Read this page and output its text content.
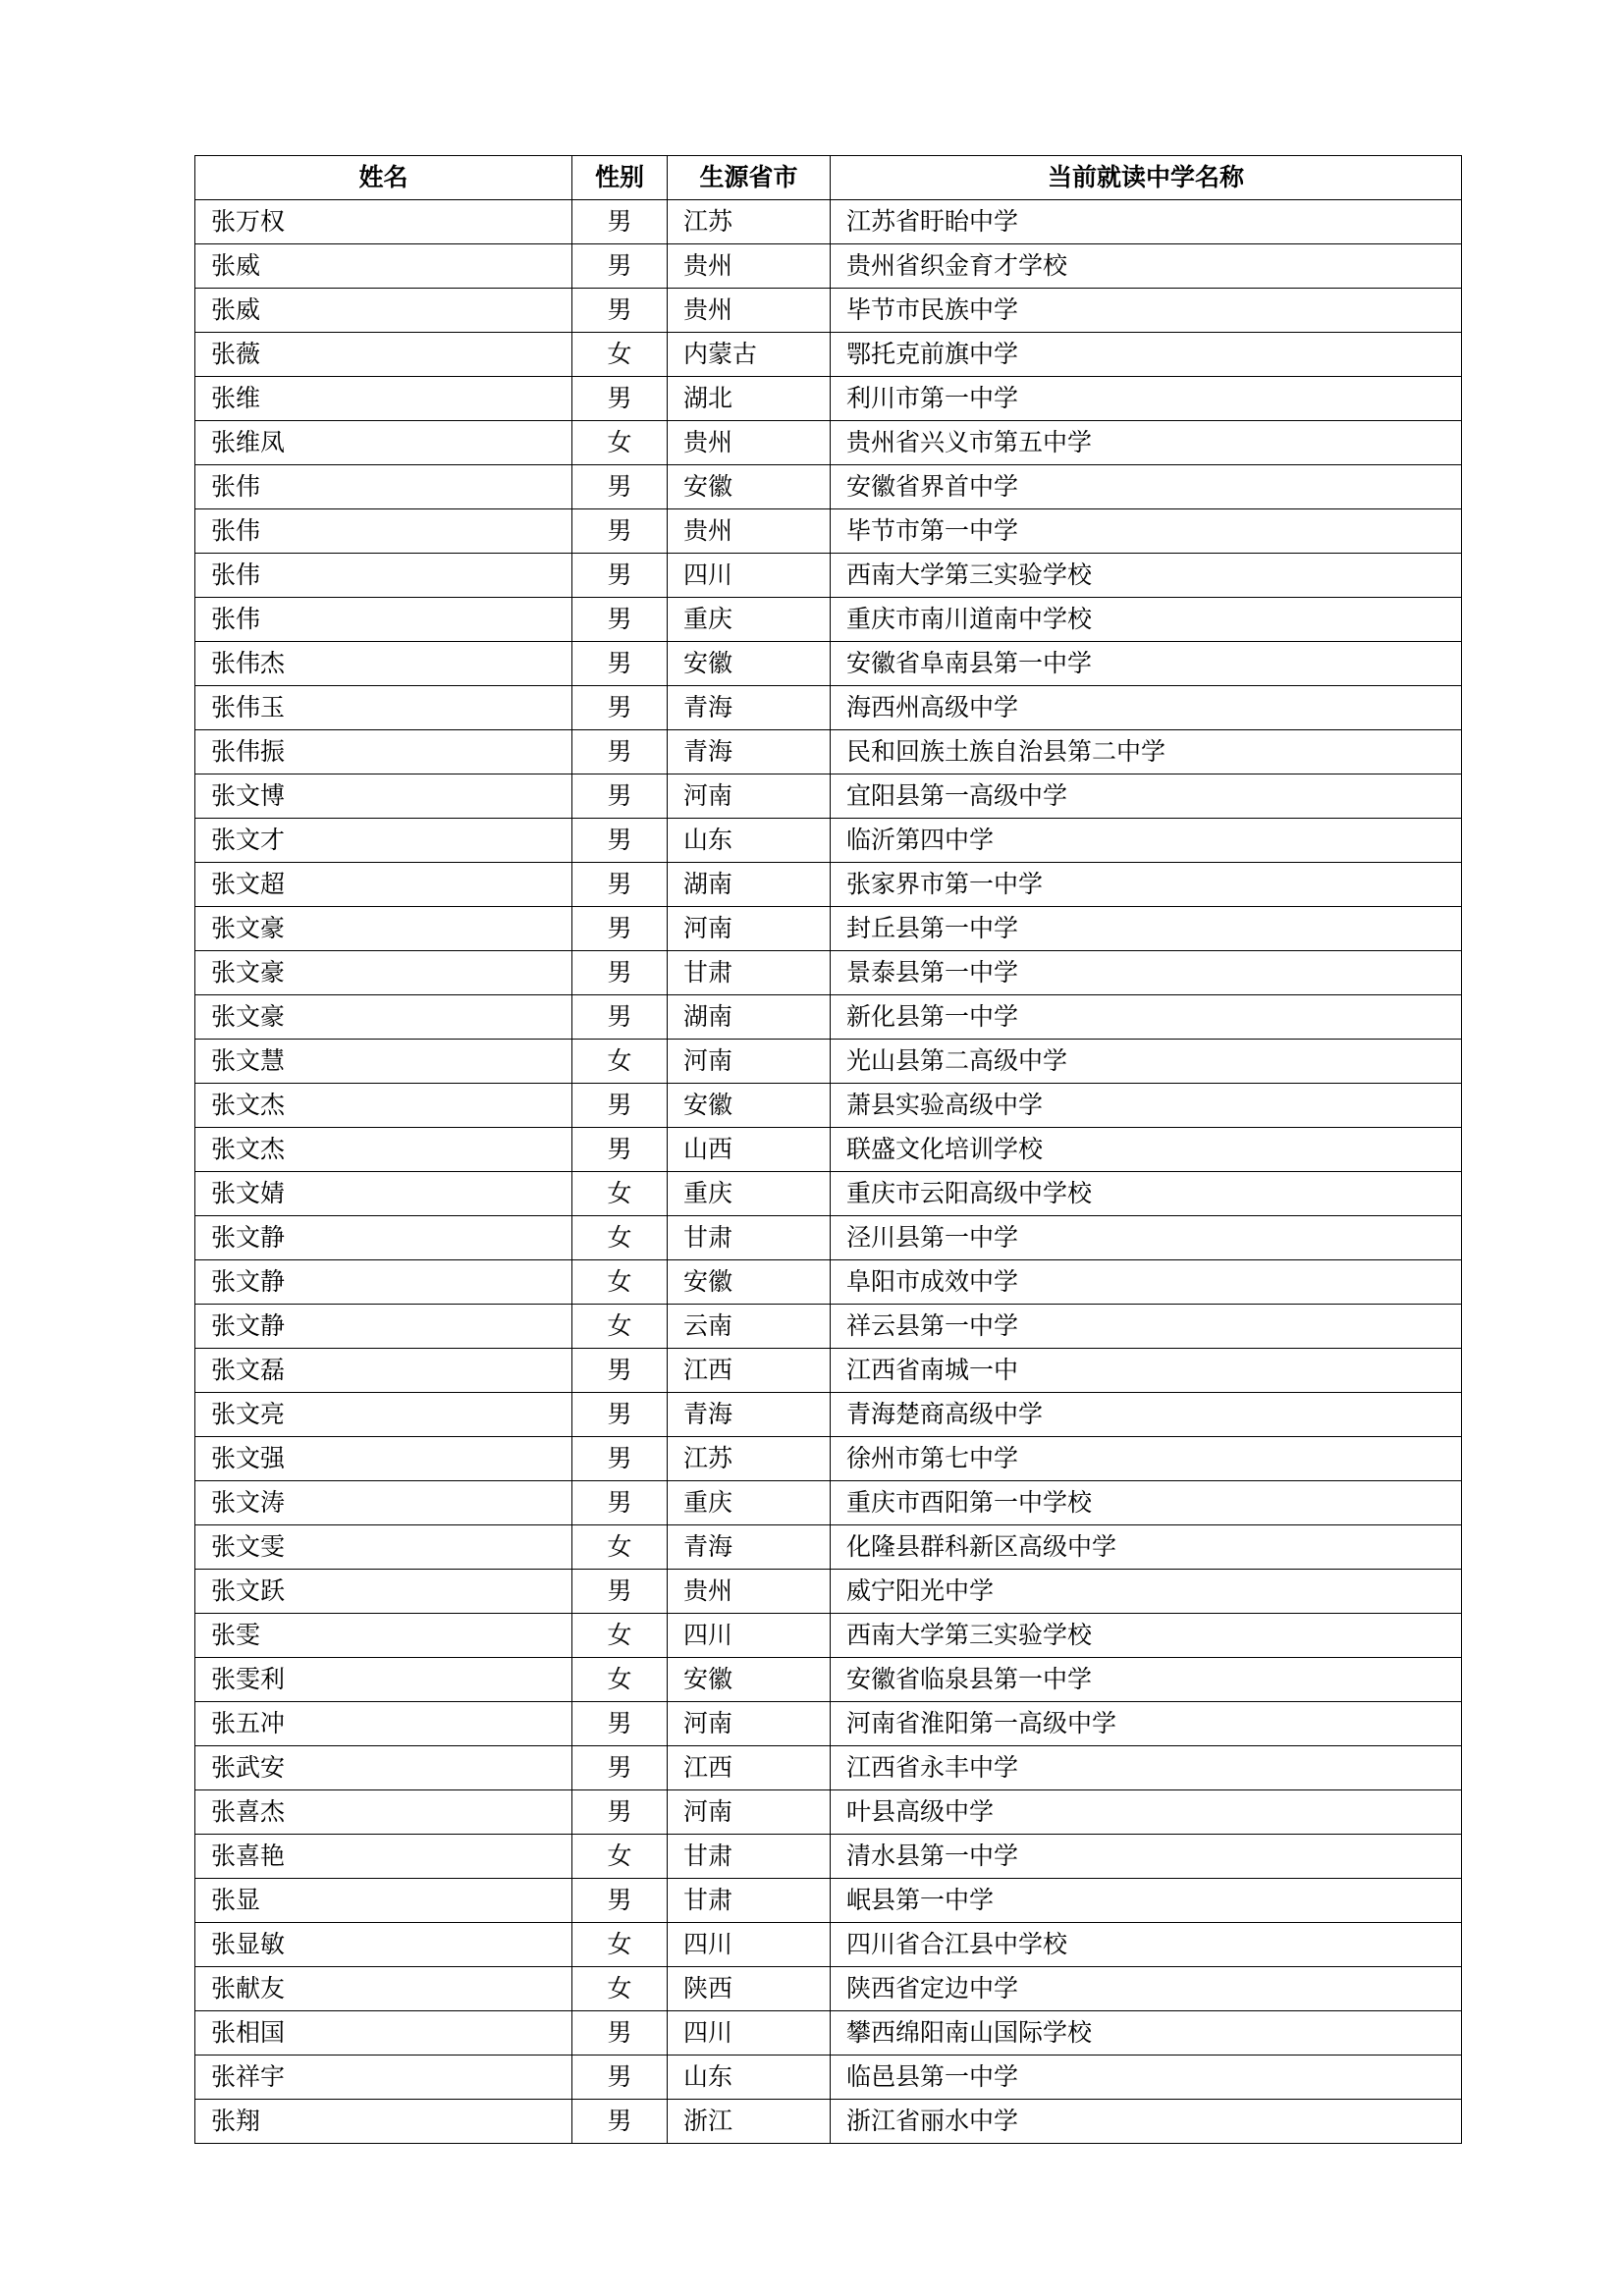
姓名	性别	生源省市	当前就读中学名称
张万权	男	江苏	江苏省盱眙中学
张威	男	贵州	贵州省织金育才学校
张威	男	贵州	毕节市民族中学
张薇	女	内蒙古	鄂托克前旗中学
张维	男	湖北	利川市第一中学
张维凤	女	贵州	贵州省兴义市第五中学
张伟	男	安徽	安徽省界首中学
张伟	男	贵州	毕节市第一中学
张伟	男	四川	西南大学第三实验学校
张伟	男	重庆	重庆市南川道南中学校
张伟杰	男	安徽	安徽省阜南县第一中学
张伟玉	男	青海	海西州高级中学
张伟振	男	青海	民和回族土族自治县第二中学
张文博	男	河南	宜阳县第一高级中学
张文才	男	山东	临沂第四中学
张文超	男	湖南	张家界市第一中学
张文豪	男	河南	封丘县第一中学
张文豪	男	甘肃	景泰县第一中学
张文豪	男	湖南	新化县第一中学
张文慧	女	河南	光山县第二高级中学
张文杰	男	安徽	萧县实验高级中学
张文杰	男	山西	联盛文化培训学校
张文婧	女	重庆	重庆市云阳高级中学校
张文静	女	甘肃	泾川县第一中学
张文静	女	安徽	阜阳市成效中学
张文静	女	云南	祥云县第一中学
张文磊	男	江西	江西省南城一中
张文亮	男	青海	青海楚商高级中学
张文强	男	江苏	徐州市第七中学
张文涛	男	重庆	重庆市酉阳第一中学校
张文雯	女	青海	化隆县群科新区高级中学
张文跃	男	贵州	威宁阳光中学
张雯	女	四川	西南大学第三实验学校
张雯利	女	安徽	安徽省临泉县第一中学
张五冲	男	河南	河南省淮阳第一高级中学
张武安	男	江西	江西省永丰中学
张喜杰	男	河南	叶县高级中学
张喜艳	女	甘肃	清水县第一中学
张显	男	甘肃	岷县第一中学
张显敏	女	四川	四川省合江县中学校
张献友	女	陕西	陕西省定边中学
张相国	男	四川	攀西绵阳南山国际学校
张祥宇	男	山东	临邑县第一中学
张翔	男	浙江	浙江省丽水中学
